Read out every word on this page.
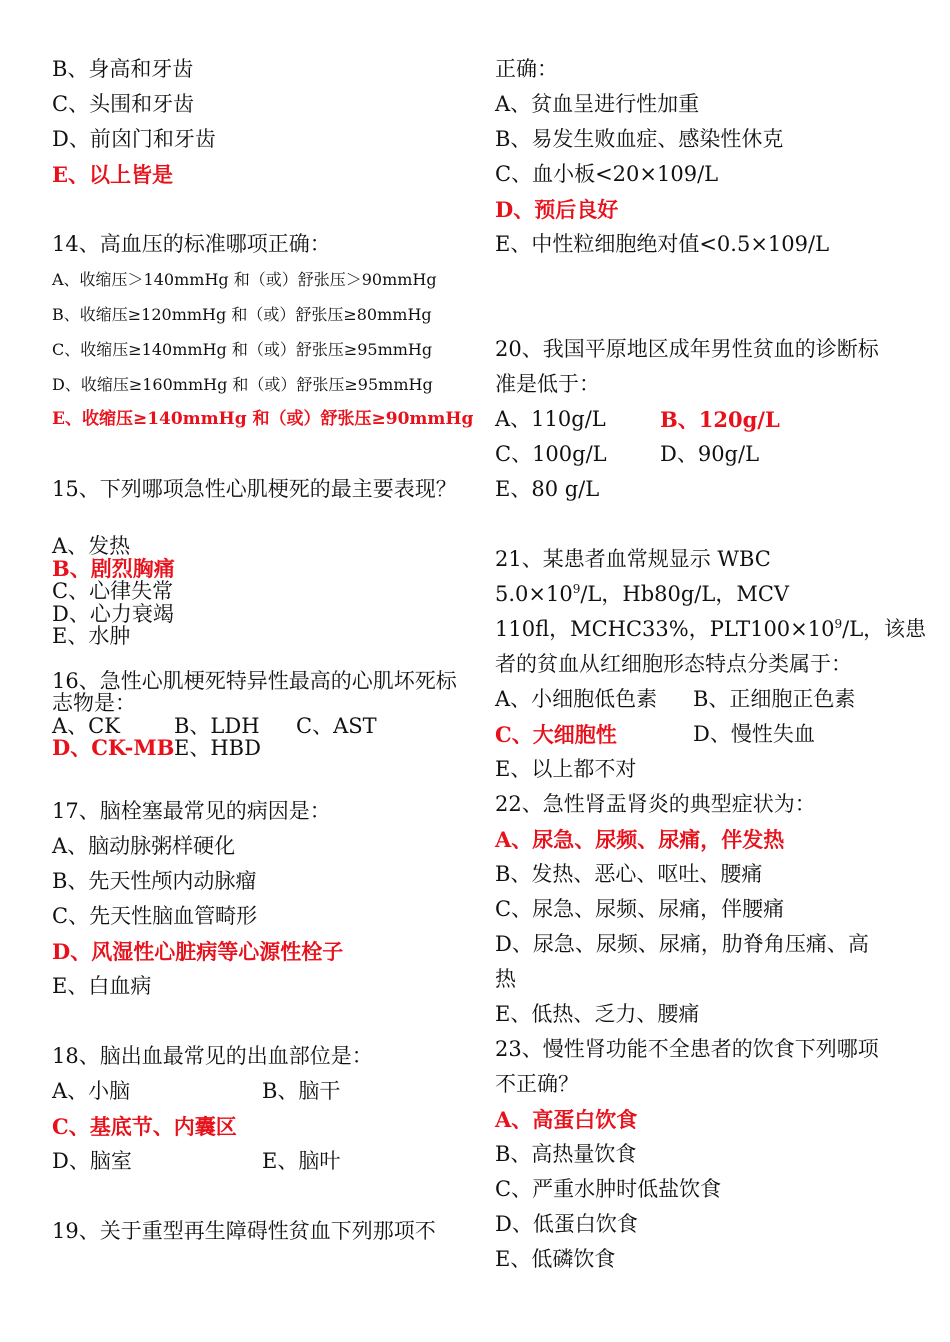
B、身高和牙齿
C、头围和牙齿
D、前囟门和牙齿
E、以上皆是
14、高血压的标准哪项正确：
A、收缩压＞140mmHg 和（或）舒张压＞90mmHg
B、收缩压≥120mmHg 和（或）舒张压≥80mmHg
C、收缩压≥140mmHg 和（或）舒张压≥95mmHg
D、收缩压≥160mmHg 和（或）舒张压≥95mmHg
E、收缩压≥140mmHg 和（或）舒张压≥90mmHg
15、下列哪项急性心肌梗死的最主要表现？
A、发热
B、剧烈胸痛
C、心律失常
D、心力衰竭
E、水肿
16、急性心肌梗死特异性最高的心肌坏死标志物是：
A、CK	B、LDH	C、AST
D、CK-MB E、HBD
17、脑栓塞最常见的病因是：
A、脑动脉粥样硬化
B、先天性颅内动脉瘤
C、先天性脑血管畸形
D、风湿性心脏病等心源性栓子
E、白血病
18、脑出血最常见的出血部位是：
A、小脑	B、脑干
C、基底节、内囊区
D、脑室	E、脑叶
19、关于重型再生障碍性贫血下列那项不
正确：
A、贫血呈进行性加重
B、易发生败血症、感染性休克
C、血小板<20×109/L
D、预后良好
E、中性粒细胞绝对值<0.5×109/L
20、我国平原地区成年男性贫血的诊断标
准是低于：
A、110g/L	B、120g/L
C、100g/L	D、90g/L
E、80 g/L
21、某患者血常规显示 WBC
$5.0\times 10^9/L$，Hb80g/L，MCV
110fl，MCHC33%，$PLT100\times 10^9/L$，该患
者的贫血从红细胞形态特点分类属于：
A、小细胞低色素	B、正细胞正色素
C、大细胞性	D、慢性失血
E、以上都不对
22、急性肾盂肾炎的典型症状为：
A、尿急、尿频、尿痛，伴发热
B、发热、恶心、呕吐、腰痛
C、尿急、尿频、尿痛，伴腰痛
D、尿急、尿频、尿痛，肋脊角压痛、高
热
E、低热、乏力、腰痛
23、慢性肾功能不全患者的饮食下列哪项
不正确？
A、高蛋白饮食
B、高热量饮食
C、严重水肿时低盐饮食
D、低蛋白饮食
E、低磷饮食
